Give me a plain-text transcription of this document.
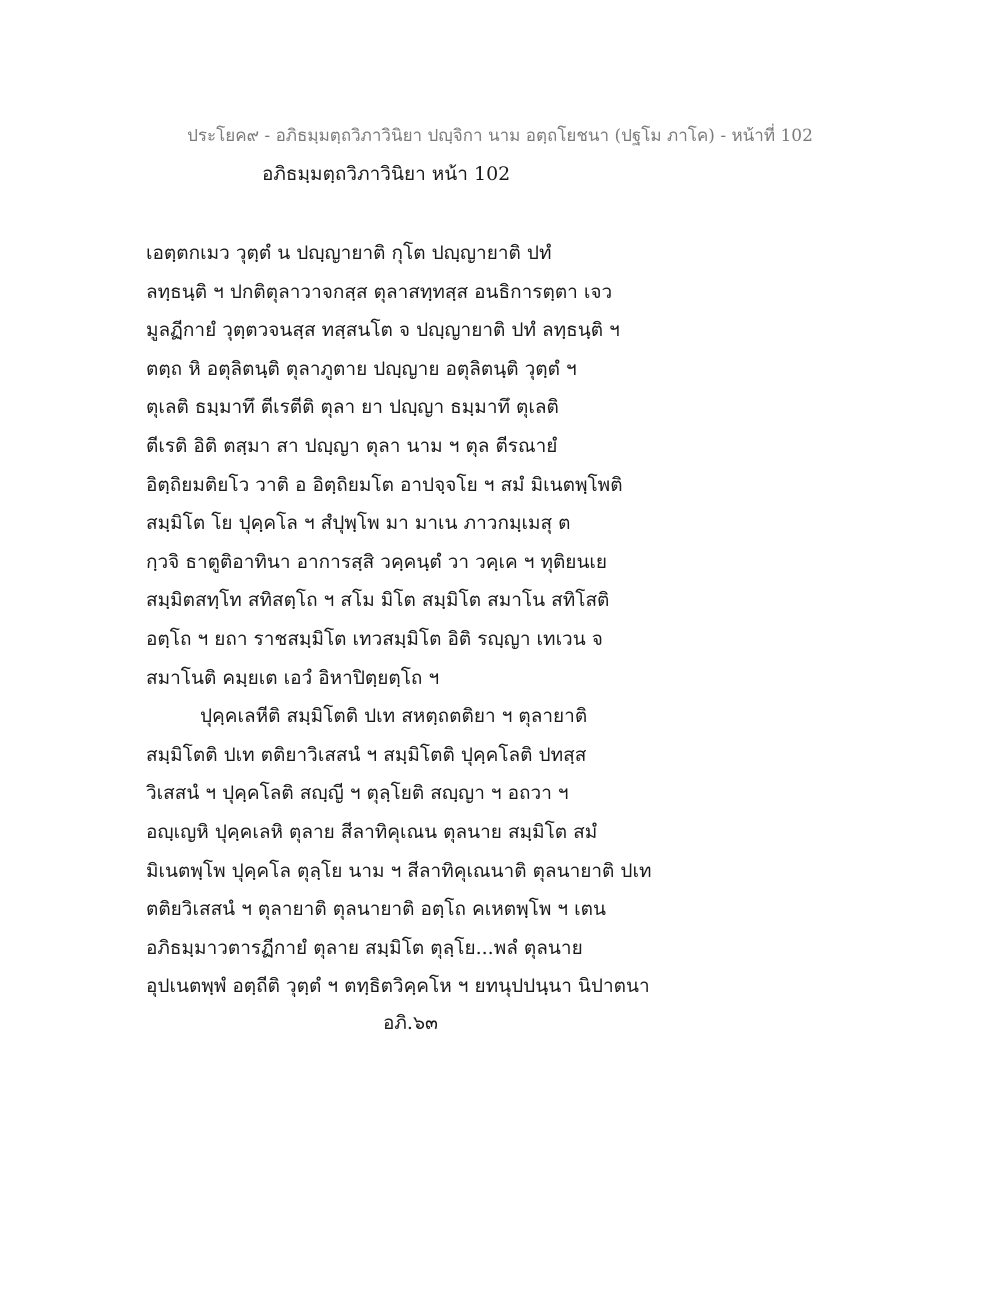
ประโยค๙ - อภิธมฺมตฺถวิภาวินิยา ปญฺจิกา นาม อตฺถโยชนา (ปฐโม ภาโค) - หน้าที่ 102
อภิธมฺมตฺถวิภาวินิยา หน้า 102
เอตฺตกเมว วุตฺตํ น ปญฺญายาติ กุโต ปญฺญายาติ ปทํ
ลทฺธนฺติ ฯ ปกติตุลาวาจกสฺส ตุลาสทฺทสฺส อนธิการตฺตา เจว
มูลฏีกายํ วุตฺตวจนสฺส ทสฺสนโต จ ปญฺญายาติ ปทํ ลทฺธนฺติ ฯ
ตตฺถ หิ อตุลิตนฺติ ตุลาภูตาย ปญฺญาย อตุลิตนฺติ วุตฺตํ ฯ
ตุเลติ ธมฺมาทึ ตีเรตีติ ตุลา ยา ปญฺญา ธมฺมาทึ ตุเลติ
ตีเรติ อิติ ตสฺมา สา ปญฺญา ตุลา นาม ฯ ตุล ตีรณายํ
อิตฺถิยมติยโว วาติ อ อิตฺถิยมโต อาปจฺจโย ฯ สมํ มิเนตพฺโพติ
สมฺมิโต โย ปุคฺคโล ฯ สํปุพฺโพ มา มาเน ภาวกมฺเมสุ ต
กฺวจิ ธาตูติอาทินา อาการสฺสิ วคฺคนฺตํ วา วคฺเค ฯ ทุติยนเย
สมฺมิตสทฺโท สทิสตฺโถ ฯ สโม มิโต สมฺมิโต สมาโน สทิโสติ
อตฺโถ ฯ ยถา ราชสมฺมิโต เทวสมฺมิโต อิติ รญฺญา เทเวน จ
สมาโนติ คมฺยเต เอวํ อิหาปิตฺยตฺโถ ฯ
ปุคฺคเลหีติ สมฺมิโตติ ปเท สหตฺถตติยา ฯ ตุลายาติ
สมฺมิโตติ ปเท ตติยาวิเสสนํ ฯ สมฺมิโตติ ปุคฺคโลติ ปทสฺส
วิเสสนํ ฯ ปุคฺคโลติ สญฺญี ฯ ตุลฺโยติ สญฺญา ฯ อถวา ฯ
อญฺเญหิ ปุคฺคเลหิ ตุลาย สีลาทิคุเณน ตุลนาย สมฺมิโต สมํ
มิเนตพฺโพ ปุคฺคโล ตุลฺโย นาม ฯ สีลาทิคุเณนาติ ตุลนายาติ ปเท
ตติยวิเสสนํ ฯ ตุลายาติ ตุลนายาติ อตฺโถ คเหตพฺโพ ฯ เตน
อภิธมฺมาวตารฏีกายํ ตุลาย สมฺมิโต ตุลฺโย...พลํ ตุลนาย
อุปเนตพฺพํ อตฺถีติ วุตฺตํ ฯ ตทฺธิตวิคฺคโห ฯ ยทนุปปนฺนา นิปาตนา
อภิ.๖๓
